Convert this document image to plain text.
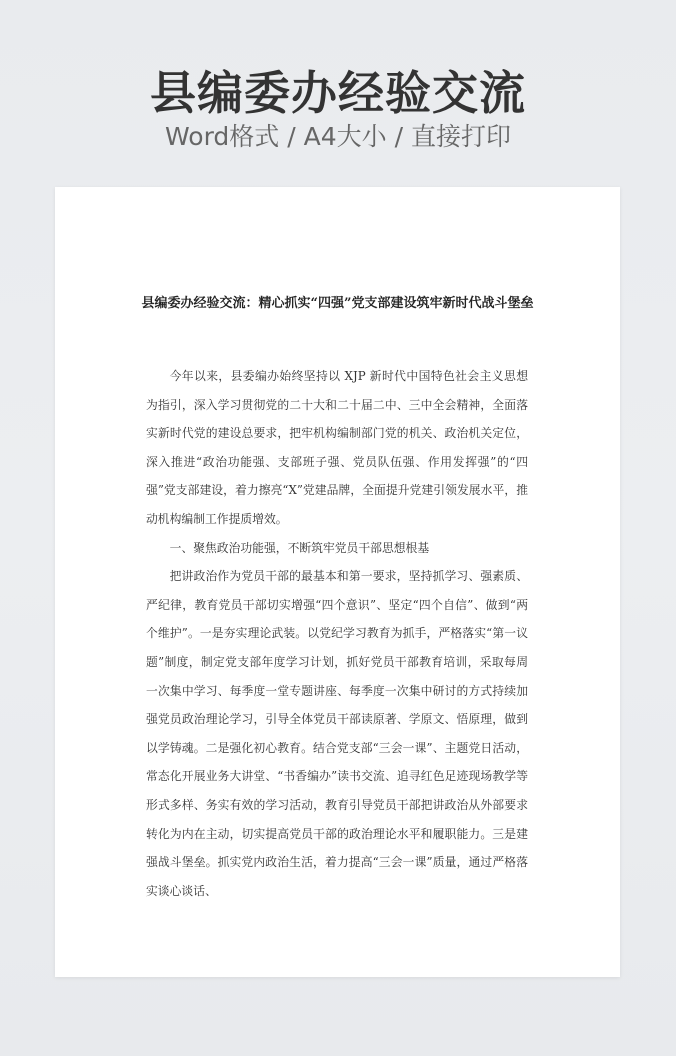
县编委办经验交流
Word格式 / A4大小 / 直接打印
县编委办经验交流：精心抓实“四强”党支部建设筑牢新时代战斗堡垒

今年以来，县委编办始终坚持以 XJP 新时代中国特色社会主义思想为指引，深入学习贯彻党的二十大和二十届二中、三中全会精神，全面落实新时代党的建设总要求，把牢机构编制部门党的机关、政治机关定位，深入推进“政治功能强、支部班子强、党员队伍强、作用发挥强”的“四强”党支部建设，着力擦亮“X”党建品牌，全面提升党建引领发展水平，推动机构编制工作提质增效。

一、聚焦政治功能强，不断筑牢党员干部思想根基

把讲政治作为党员干部的最基本和第一要求，坚持抓学习、强素质、严纪律，教育党员干部切实增强“四个意识”、坚定“四个自信”、做到“两个维护”。一是夯实理论武装。以党纪学习教育为抓手，严格落实“第一议题”制度，制定党支部年度学习计划，抓好党员干部教育培训，采取每周一次集中学习、每季度一堂专题讲座、每季度一次集中研讨的方式持续加强党员政治理论学习，引导全体党员干部读原著、学原文、悟原理，做到以学铸魂。二是强化初心教育。结合党支部“三会一课”、主题党日活动，常态化开展业务大讲堂、“书香编办”读书交流、追寻红色足迹现场教学等形式多样、务实有效的学习活动，教育引导党员干部把讲政治从外部要求转化为内在主动，切实提高党员干部的政治理论水平和履职能力。三是建强战斗堡垒。抓实党内政治生活，着力提高“三会一课”质量，通过严格落实谈心谈话、
